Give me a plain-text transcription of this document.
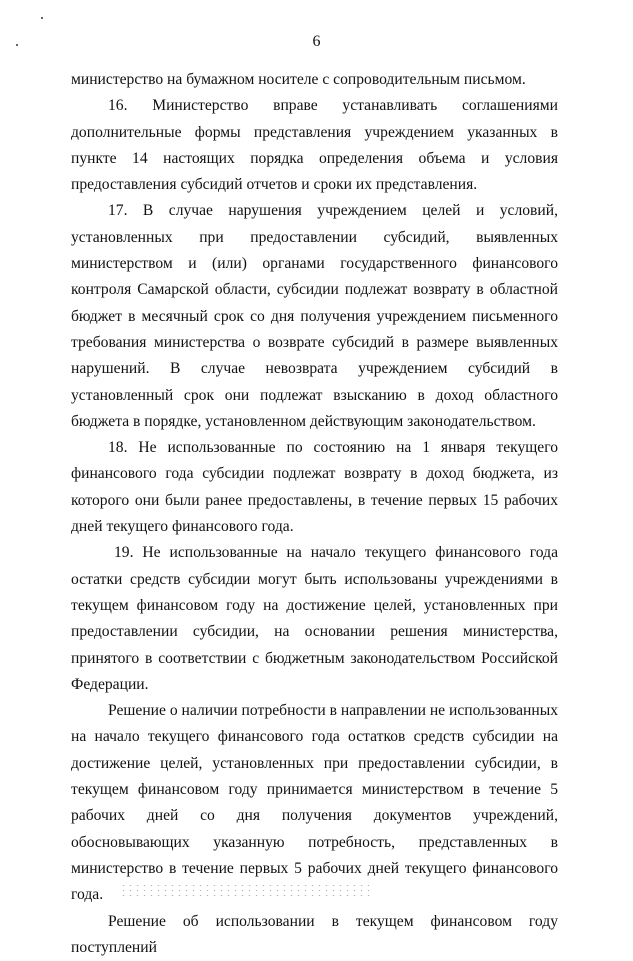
6

министерство на бумажном носителе с сопроводительным письмом.

16. Министерство вправе устанавливать соглашениями дополнительные формы представления учреждением указанных в пункте 14 настоящих порядка определения объема и условия предоставления субсидий отчетов и сроки их представления.

17. В случае нарушения учреждением целей и условий, установленных при предоставлении субсидий, выявленных министерством и (или) органами государственного финансового контроля Самарской области, субсидии подлежат возврату в областной бюджет в месячный срок со дня получения учреждением письменного требования министерства о возврате субсидий в размере выявленных нарушений. В случае невозврата учреждением субсидий в установленный срок они подлежат взысканию в доход областного бюджета в порядке, установленном действующим законодательством.

18. Не использованные по состоянию на 1 января текущего финансового года субсидии подлежат возврату в доход бюджета, из которого они были ранее предоставлены, в течение первых 15 рабочих дней текущего финансового года.

19. Не использованные на начало текущего финансового года остатки средств субсидии могут быть использованы учреждениями в текущем финансовом году на достижение целей, установленных при предоставлении субсидии, на основании решения министерства, принятого в соответствии с бюджетным законодательством Российской Федерации.

Решение о наличии потребности в направлении не использованных на начало текущего финансового года остатков средств субсидии на достижение целей, установленных при предоставлении субсидии, в текущем финансовом году принимается министерством в течение 5 рабочих дней со дня получения документов учреждений, обосновывающих указанную потребность, представленных в министерство в течение первых 5 рабочих дней текущего финансового года.

Решение об использовании в текущем финансовом году поступлений
